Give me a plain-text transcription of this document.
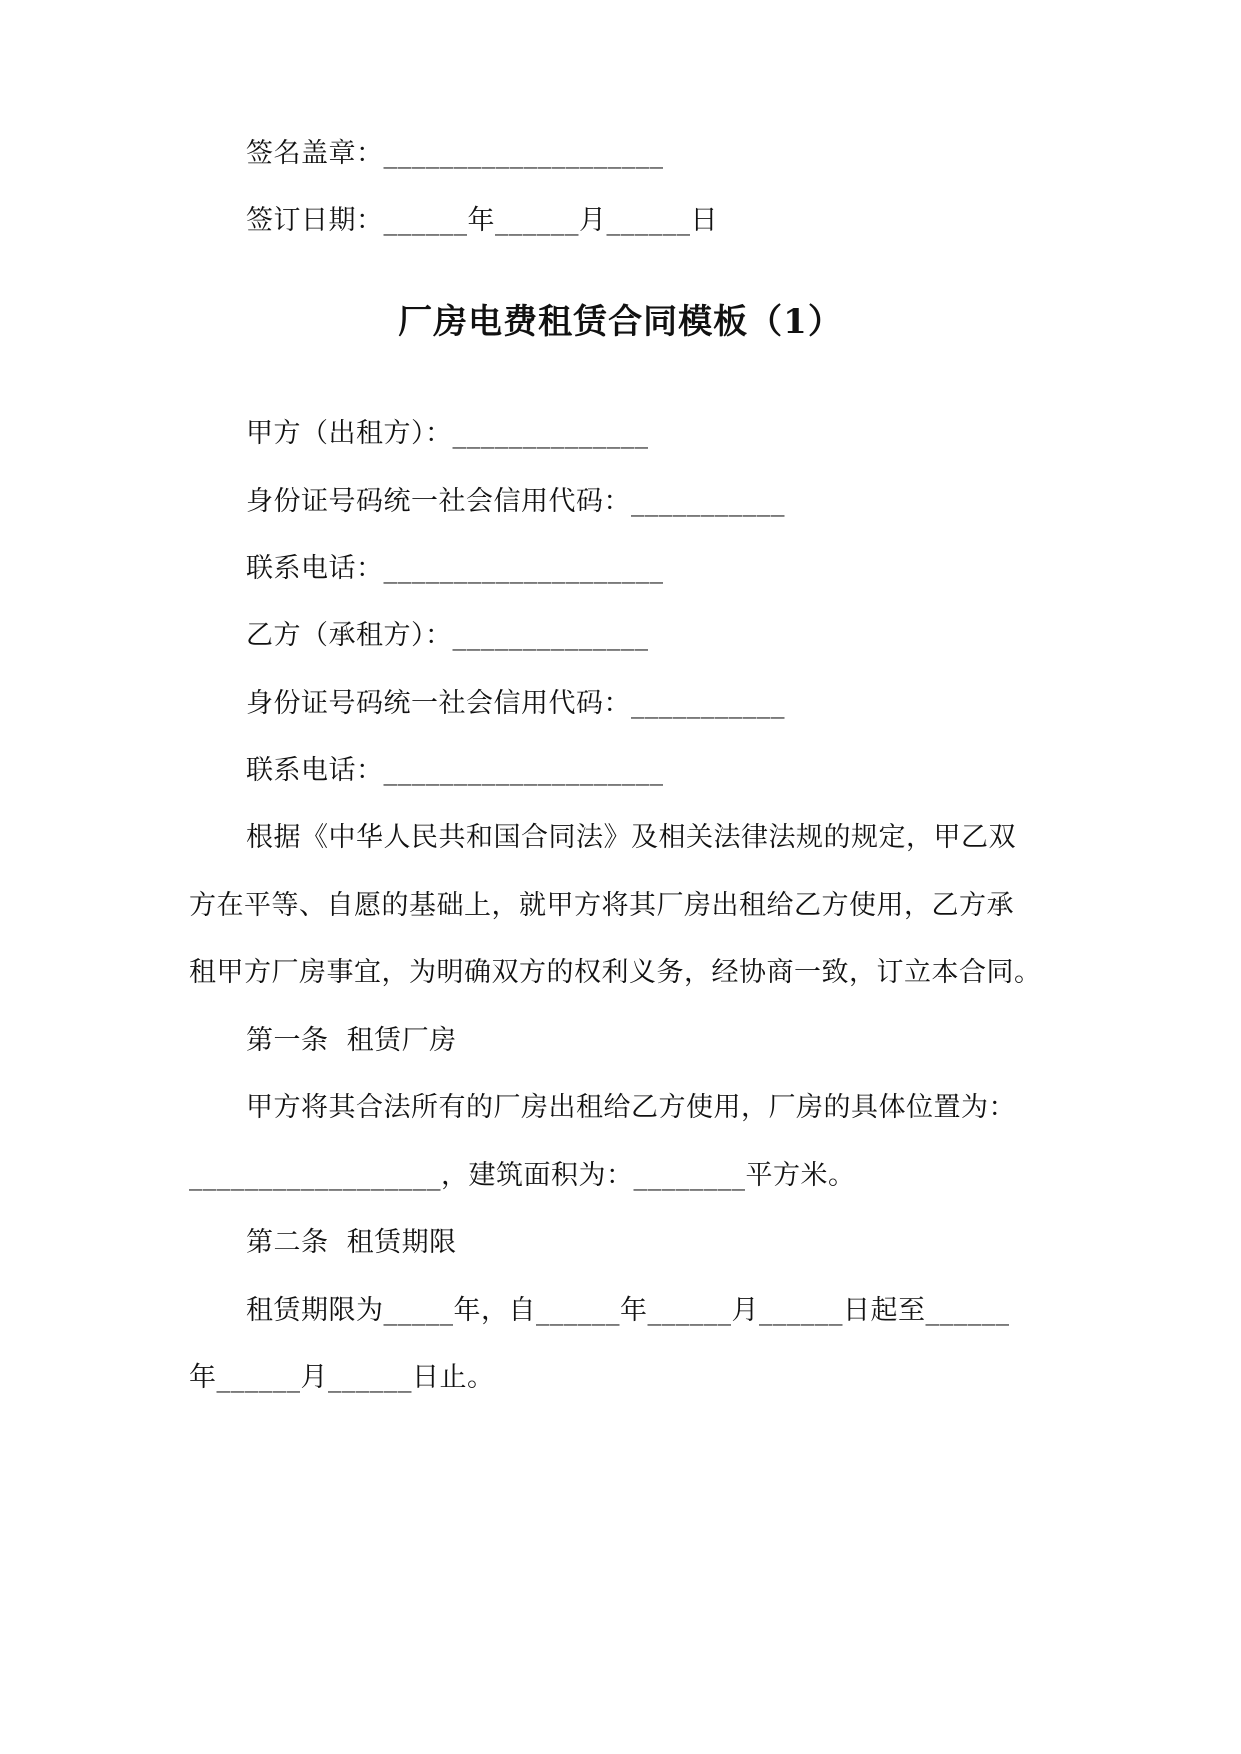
签名盖章：____________________
签订日期：______年______月______日
厂房电费租赁合同模板（1）
甲方（出租方）：______________
身份证号码统一社会信用代码：___________
联系电话：____________________
乙方（承租方）：______________
身份证号码统一社会信用代码：___________
联系电话：____________________
根据《中华人民共和国合同法》及相关法律法规的规定，甲乙双
方在平等、自愿的基础上，就甲方将其厂房出租给乙方使用，乙方承
租甲方厂房事宜，为明确双方的权利义务，经协商一致，订立本合同。
第一条  租赁厂房
甲方将其合法所有的厂房出租给乙方使用，厂房的具体位置为：
__________________，建筑面积为：________平方米。
第二条  租赁期限
租赁期限为_____年，自______年______月______日起至______
年______月______日止。
